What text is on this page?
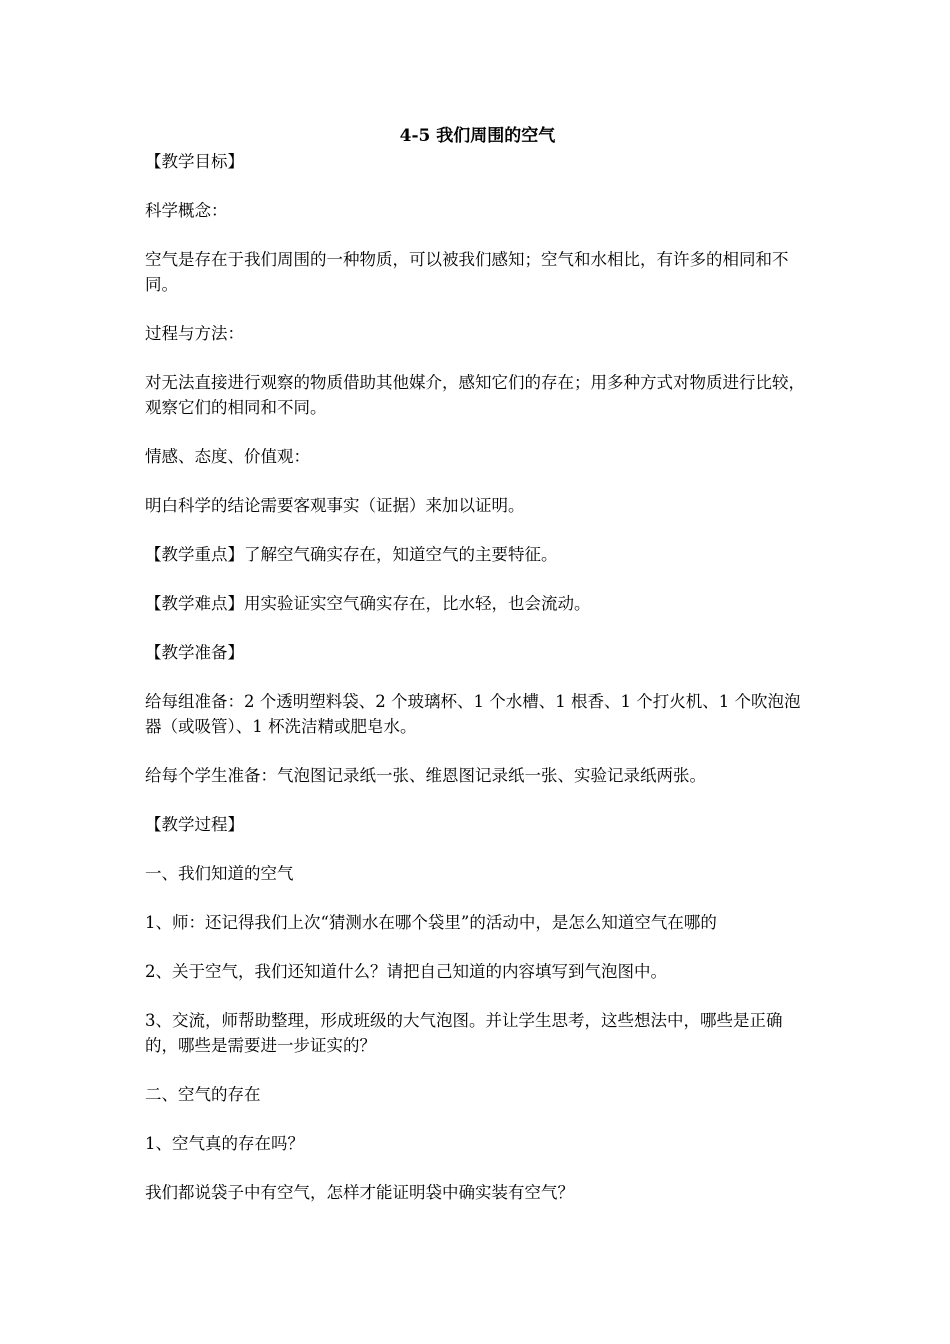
4-5 我们周围的空气

【教学目标】

科学概念：

空气是存在于我们周围的一种物质，可以被我们感知；空气和水相比，有许多的相同和不同。

过程与方法：

对无法直接进行观察的物质借助其他媒介，感知它们的存在；用多种方式对物质进行比较，观察它们的相同和不同。

情感、态度、价值观：

明白科学的结论需要客观事实（证据）来加以证明。

【教学重点】了解空气确实存在，知道空气的主要特征。

【教学难点】用实验证实空气确实存在，比水轻，也会流动。

【教学准备】

给每组准备：2 个透明塑料袋、2 个玻璃杯、1 个水槽、1 根香、1 个打火机、1 个吹泡泡器（或吸管）、1 杯洗洁精或肥皂水。

给每个学生准备：气泡图记录纸一张、维恩图记录纸一张、实验记录纸两张。

【教学过程】

一、我们知道的空气

1、师：还记得我们上次“猜测水在哪个袋里”的活动中，是怎么知道空气在哪的

2、关于空气，我们还知道什么？请把自己知道的内容填写到气泡图中。

3、交流，师帮助整理，形成班级的大气泡图。并让学生思考，这些想法中，哪些是正确的，哪些是需要进一步证实的？

二、空气的存在

1、空气真的存在吗？

我们都说袋子中有空气，怎样才能证明袋中确实装有空气？
